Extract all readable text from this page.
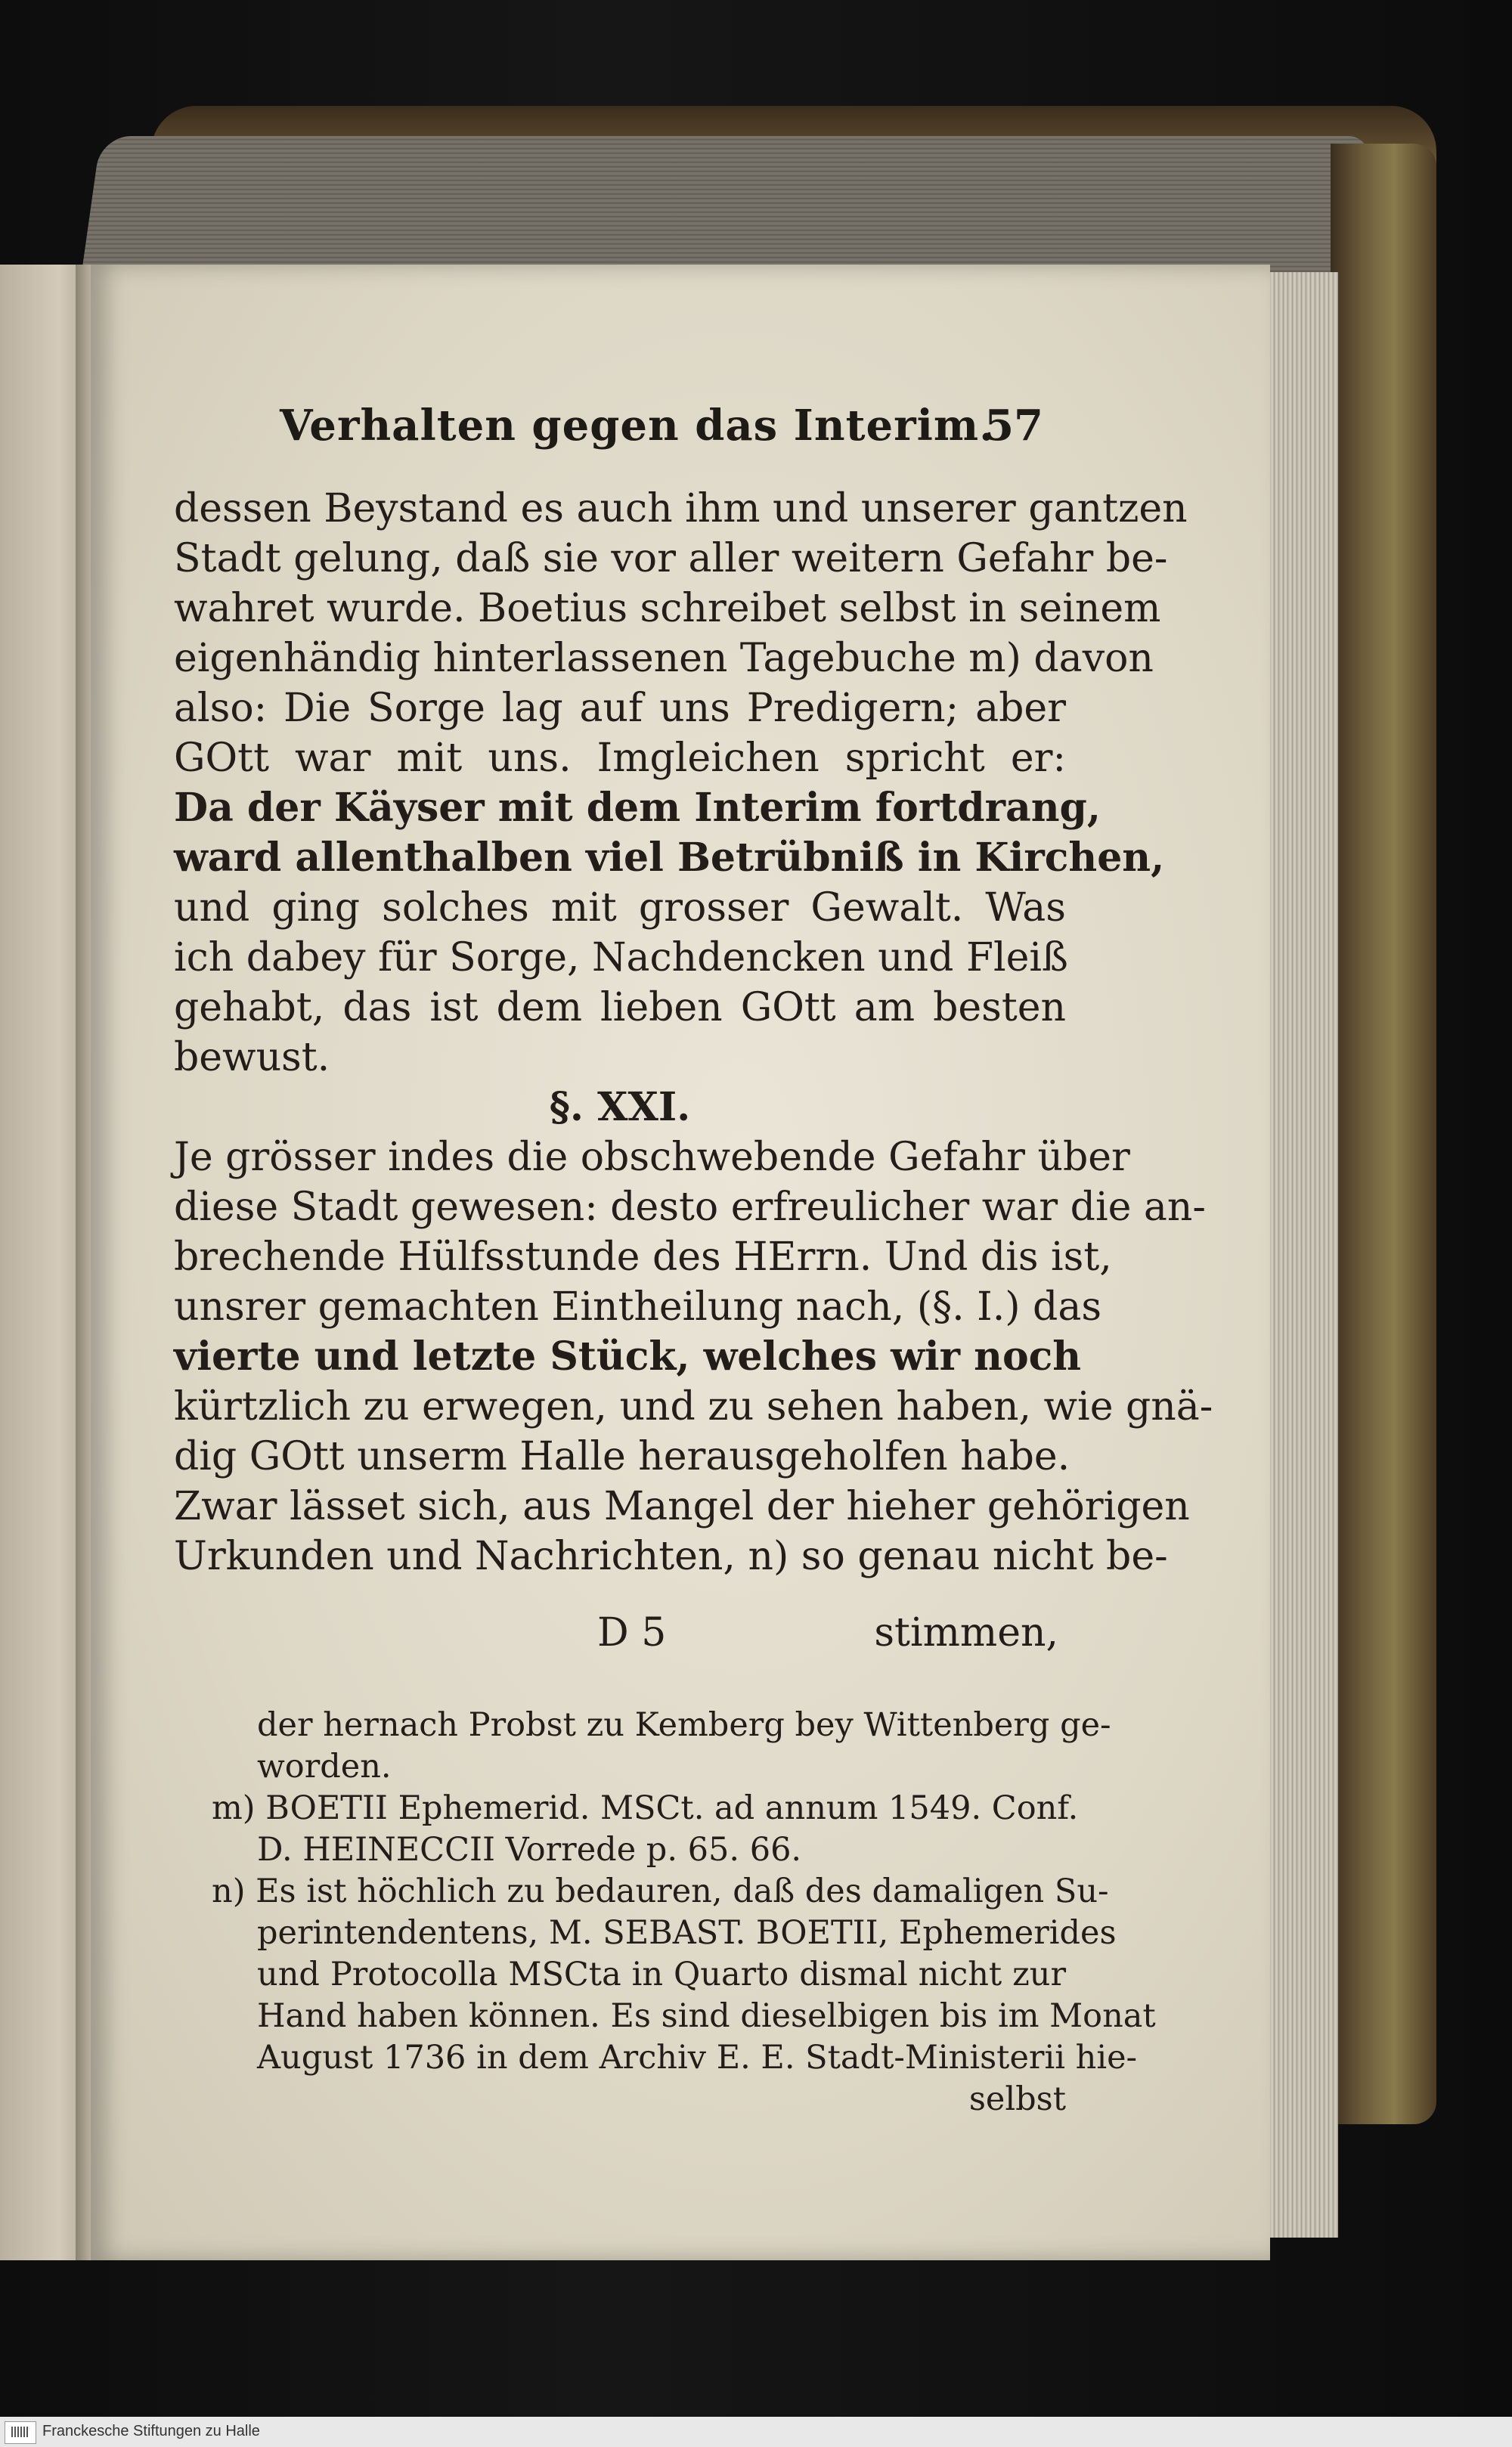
Verhalten gegen das Interim.
57
dessen Beystand es auch ihm und unserer gantzen
Stadt gelung, daß sie vor aller weitern Gefahr be-
wahret wurde. Boetius schreibet selbst in seinem
eigenhändig hinterlassenen Tagebuche m) davon
also: Die Sorge lag auf uns Predigern; aber
GOtt war mit uns. Imgleichen spricht er:
Da der Käyser mit dem Interim fortdrang,
ward allenthalben viel Betrübniß in Kirchen,
und ging solches mit grosser Gewalt. Was
ich dabey für Sorge, Nachdencken und Fleiß
gehabt, das ist dem lieben GOtt am besten
bewust.
§. XXI.
Je grösser indes die obschwebende Gefahr über
diese Stadt gewesen: desto erfreulicher war die an-
brechende Hülfsstunde des HErrn. Und dis ist,
unsrer gemachten Eintheilung nach, (§. I.) das
vierte und letzte Stück, welches wir noch
kürtzlich zu erwegen, und zu sehen haben, wie gnä-
dig GOtt unserm Halle herausgeholfen habe.
Zwar lässet sich, aus Mangel der hieher gehörigen
Urkunden und Nachrichten, n) so genau nicht be-
D 5	stimmen,
der hernach Probst zu Kemberg bey Wittenberg ge-
worden.
m) BOETII Ephemerid. MSCt. ad annum 1549. Conf.
D. HEINECCII Vorrede p. 65. 66.
n) Es ist höchlich zu bedauren, daß des damaligen Su-
perintendentens, M. SEBAST. BOETII, Ephemerides
und Protocolla MSCta in Quarto dismal nicht zur
Hand haben können. Es sind dieselbigen bis im Monat
August 1736 in dem Archiv E. E. Stadt-Ministerii hie-
selbst
Franckesche Stiftungen zu Halle
